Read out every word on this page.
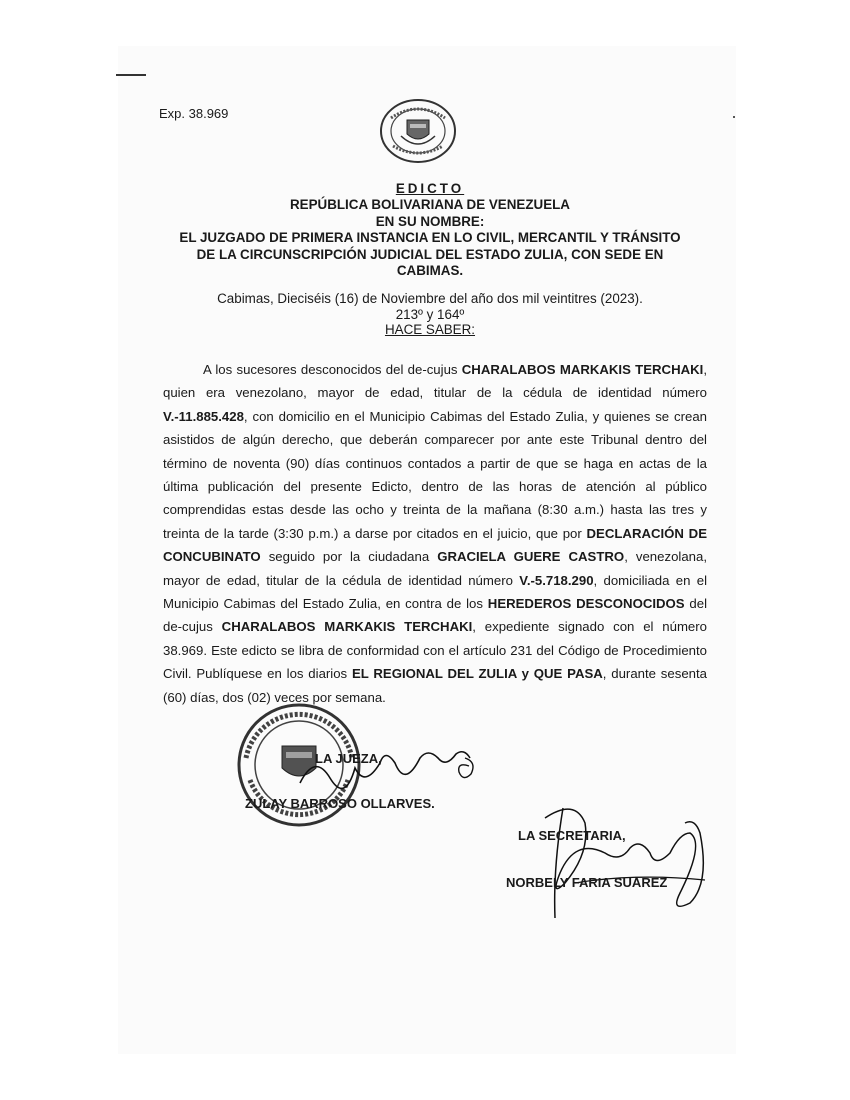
Exp. 38.969
EDICTO
REPÚBLICA BOLIVARIANA DE VENEZUELA
EN SU NOMBRE:
EL JUZGADO DE PRIMERA INSTANCIA EN LO CIVIL, MERCANTIL Y TRÁNSITO
DE LA CIRCUNSCRIPCIÓN JUDICIAL DEL ESTADO ZULIA, CON SEDE EN
CABIMAS.
Cabimas, Dieciséis (16) de Noviembre del año dos mil veintitres (2023).
213º y 164º
HACE SABER:

A los sucesores desconocidos del de-cujus CHARALABOS MARKAKIS TERCHAKI, quien era venezolano, mayor de edad, titular de la cédula de identidad número V.-11.885.428, con domicilio en el Municipio Cabimas del Estado Zulia, y quienes se crean asistidos de algún derecho, que deberán comparecer por ante este Tribunal dentro del término de noventa (90) días continuos contados a partir de que se haga en actas de la última publicación del presente Edicto, dentro de las horas de atención al público comprendidas estas desde las ocho y treinta de la mañana (8:30 a.m.) hasta las tres y treinta de la tarde (3:30 p.m.) a darse por citados en el juicio, que por DECLARACIÓN DE CONCUBINATO seguido por la ciudadana GRACIELA GUERE CASTRO, venezolana, mayor de edad, titular de la cédula de identidad número V.-5.718.290, domiciliada en el Municipio Cabimas del Estado Zulia, en contra de los HEREDEROS DESCONOCIDOS del de-cujus CHARALABOS MARKAKIS TERCHAKI, expediente signado con el número 38.969. Este edicto se libra de conformidad con el artículo 231 del Código de Procedimiento Civil. Publíquese en los diarios EL REGIONAL DEL ZULIA y QUE PASA, durante sesenta (60) días, dos (02) veces por semana.

LA JUEZA,
ZULAY BARROSO OLLARVES.
LA SECRETARIA,
NORBELY FARIA SUAREZ
